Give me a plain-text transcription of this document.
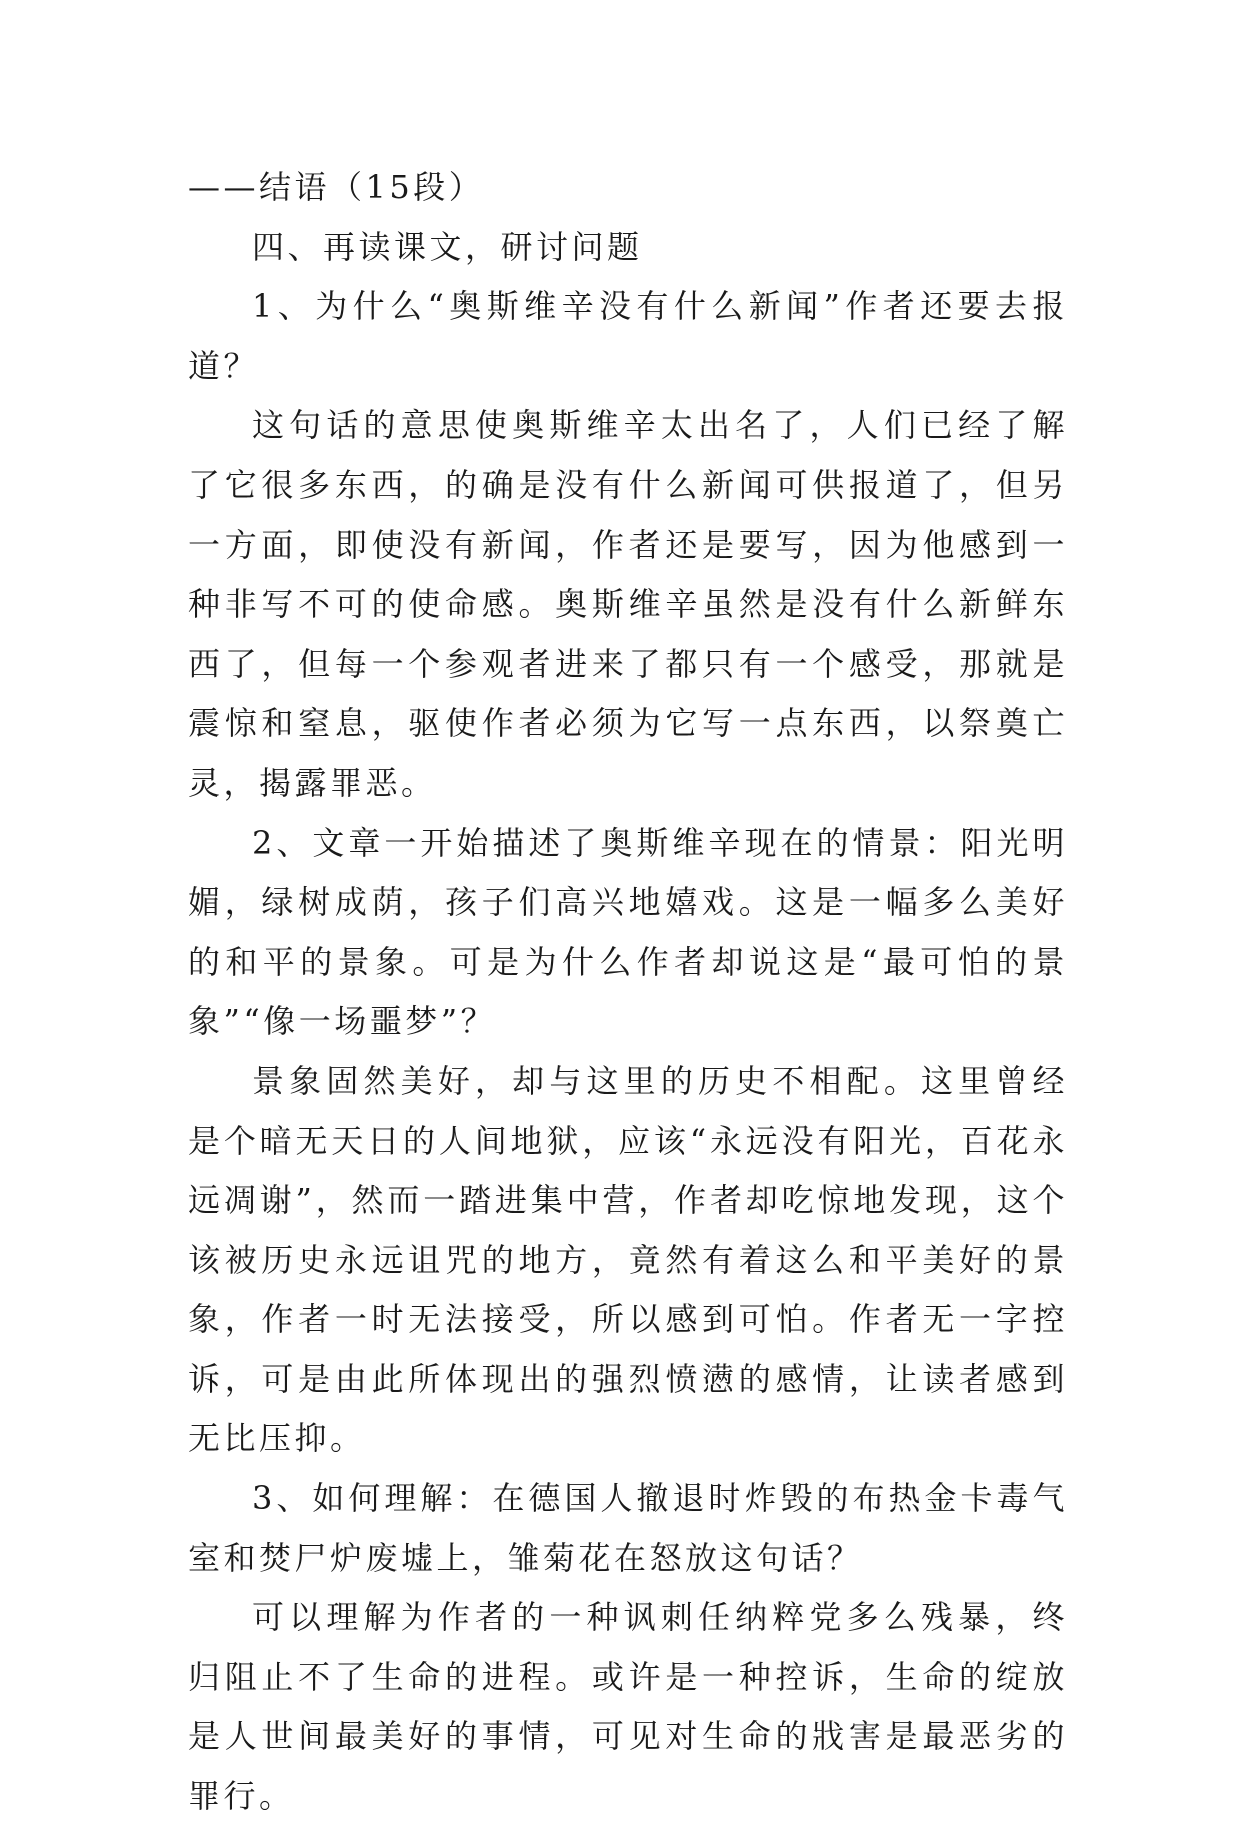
——结语（15段）

四、再读课文，研讨问题

1、为什么“奥斯维辛没有什么新闻”作者还要去报道？

这句话的意思使奥斯维辛太出名了，人们已经了解了它很多东西，的确是没有什么新闻可供报道了，但另一方面，即使没有新闻，作者还是要写，因为他感到一种非写不可的使命感。奥斯维辛虽然是没有什么新鲜东西了，但每一个参观者进来了都只有一个感受，那就是震惊和窒息，驱使作者必须为它写一点东西，以祭奠亡灵，揭露罪恶。

2、文章一开始描述了奥斯维辛现在的情景：阳光明媚，绿树成荫，孩子们高兴地嬉戏。这是一幅多么美好的和平的景象。可是为什么作者却说这是“最可怕的景象”“像一场噩梦”？

景象固然美好，却与这里的历史不相配。这里曾经是个暗无天日的人间地狱，应该“永远没有阳光，百花永远凋谢”，然而一踏进集中营，作者却吃惊地发现，这个该被历史永远诅咒的地方，竟然有着这么和平美好的景象，作者一时无法接受，所以感到可怕。作者无一字控诉，可是由此所体现出的强烈愤懑的感情，让读者感到无比压抑。

3、如何理解：在德国人撤退时炸毁的布热金卡毒气室和焚尸炉废墟上，雏菊花在怒放这句话？

可以理解为作者的一种讽刺任纳粹党多么残暴，终归阻止不了生命的进程。或许是一种控诉，生命的绽放是人世间最美好的事情，可见对生命的戕害是最恶劣的罪行。
